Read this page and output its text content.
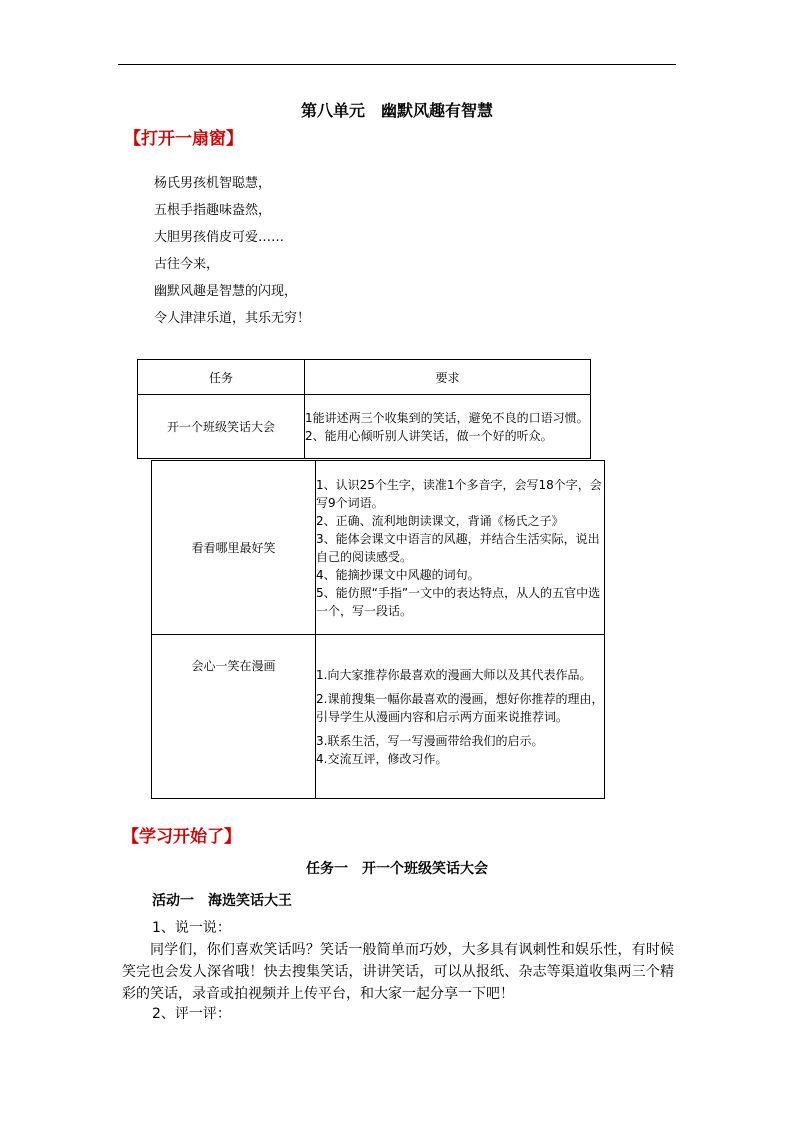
第八单元　幽默风趣有智慧
【打开一扇窗】
杨氏男孩机智聪慧，
五根手指趣味盎然，
大胆男孩俏皮可爱……
古往今来，
幽默风趣是智慧的闪现，
令人津津乐道，其乐无穷！
任务	要求
开一个班级笑话大会	1能讲述两三个收集到的笑话，避免不良的口语习惯。

2、能用心倾听别人讲笑话，做一个好的听众。

看看哪里最好笑	1、认识25个生字，读准1个多音字，会写18个字，会写9个词语。

2、正确、流利地朗读课文，背诵《杨氏之子》

3、能体会课文中语言的风趣，并结合生活实际，说出自己的阅读感受。

4、能摘抄课文中风趣的词句。

5、能仿照“手指”一文中的表达特点，从人的五官中选一个，写一段话。

会心一笑在漫画	1.向大家推荐你最喜欢的漫画大师以及其代表作品。

2.课前搜集一幅你最喜欢的漫画，想好你推荐的理由，引导学生从漫画内容和启示两方面来说推荐词。

3.联系生活，写一写漫画带给我们的启示。
4.交流互评，修改习作。

【学习开始了】
任务一　开一个班级笑话大会
活动一　海选笑话大王
1、说一说：
同学们，你们喜欢笑话吗？笑话一般简单而巧妙，大多具有讽刺性和娱乐性，有时候笑完也会发人深省哦！快去搜集笑话，讲讲笑话，可以从报纸、杂志等渠道收集两三个精彩的笑话，录音或拍视频并上传平台，和大家一起分享一下吧！
2、评一评：
